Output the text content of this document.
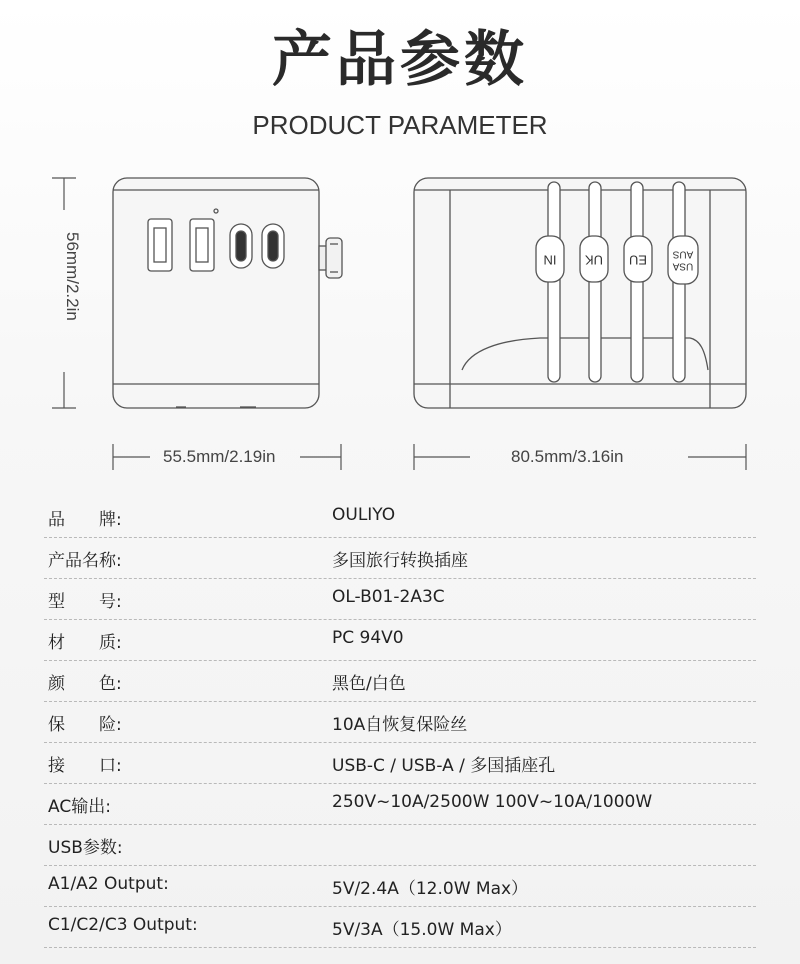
产品参数
PRODUCT PARAMETER
IN UK EU	USA
AUS
56mm/2.2in
55.5mm/2.19in	80.5mm/3.16in
品　　牌:	OULIYO
产品名称:	多国旅行转换插座
型　　号:	OL-B01-2A3C
材　　质:	PC 94V0
颜　　色:	黑色/白色
保　　险:	10A自恢复保险丝
接　　口:	USB-C / USB-A / 多国插座孔
AC输出:	250V~10A/2500W 100V~10A/1000W
USB参数:
A1/A2 Output:	5V/2.4A（12.0W Max）
C1/C2/C3 Output:	5V/3A（15.0W Max）
